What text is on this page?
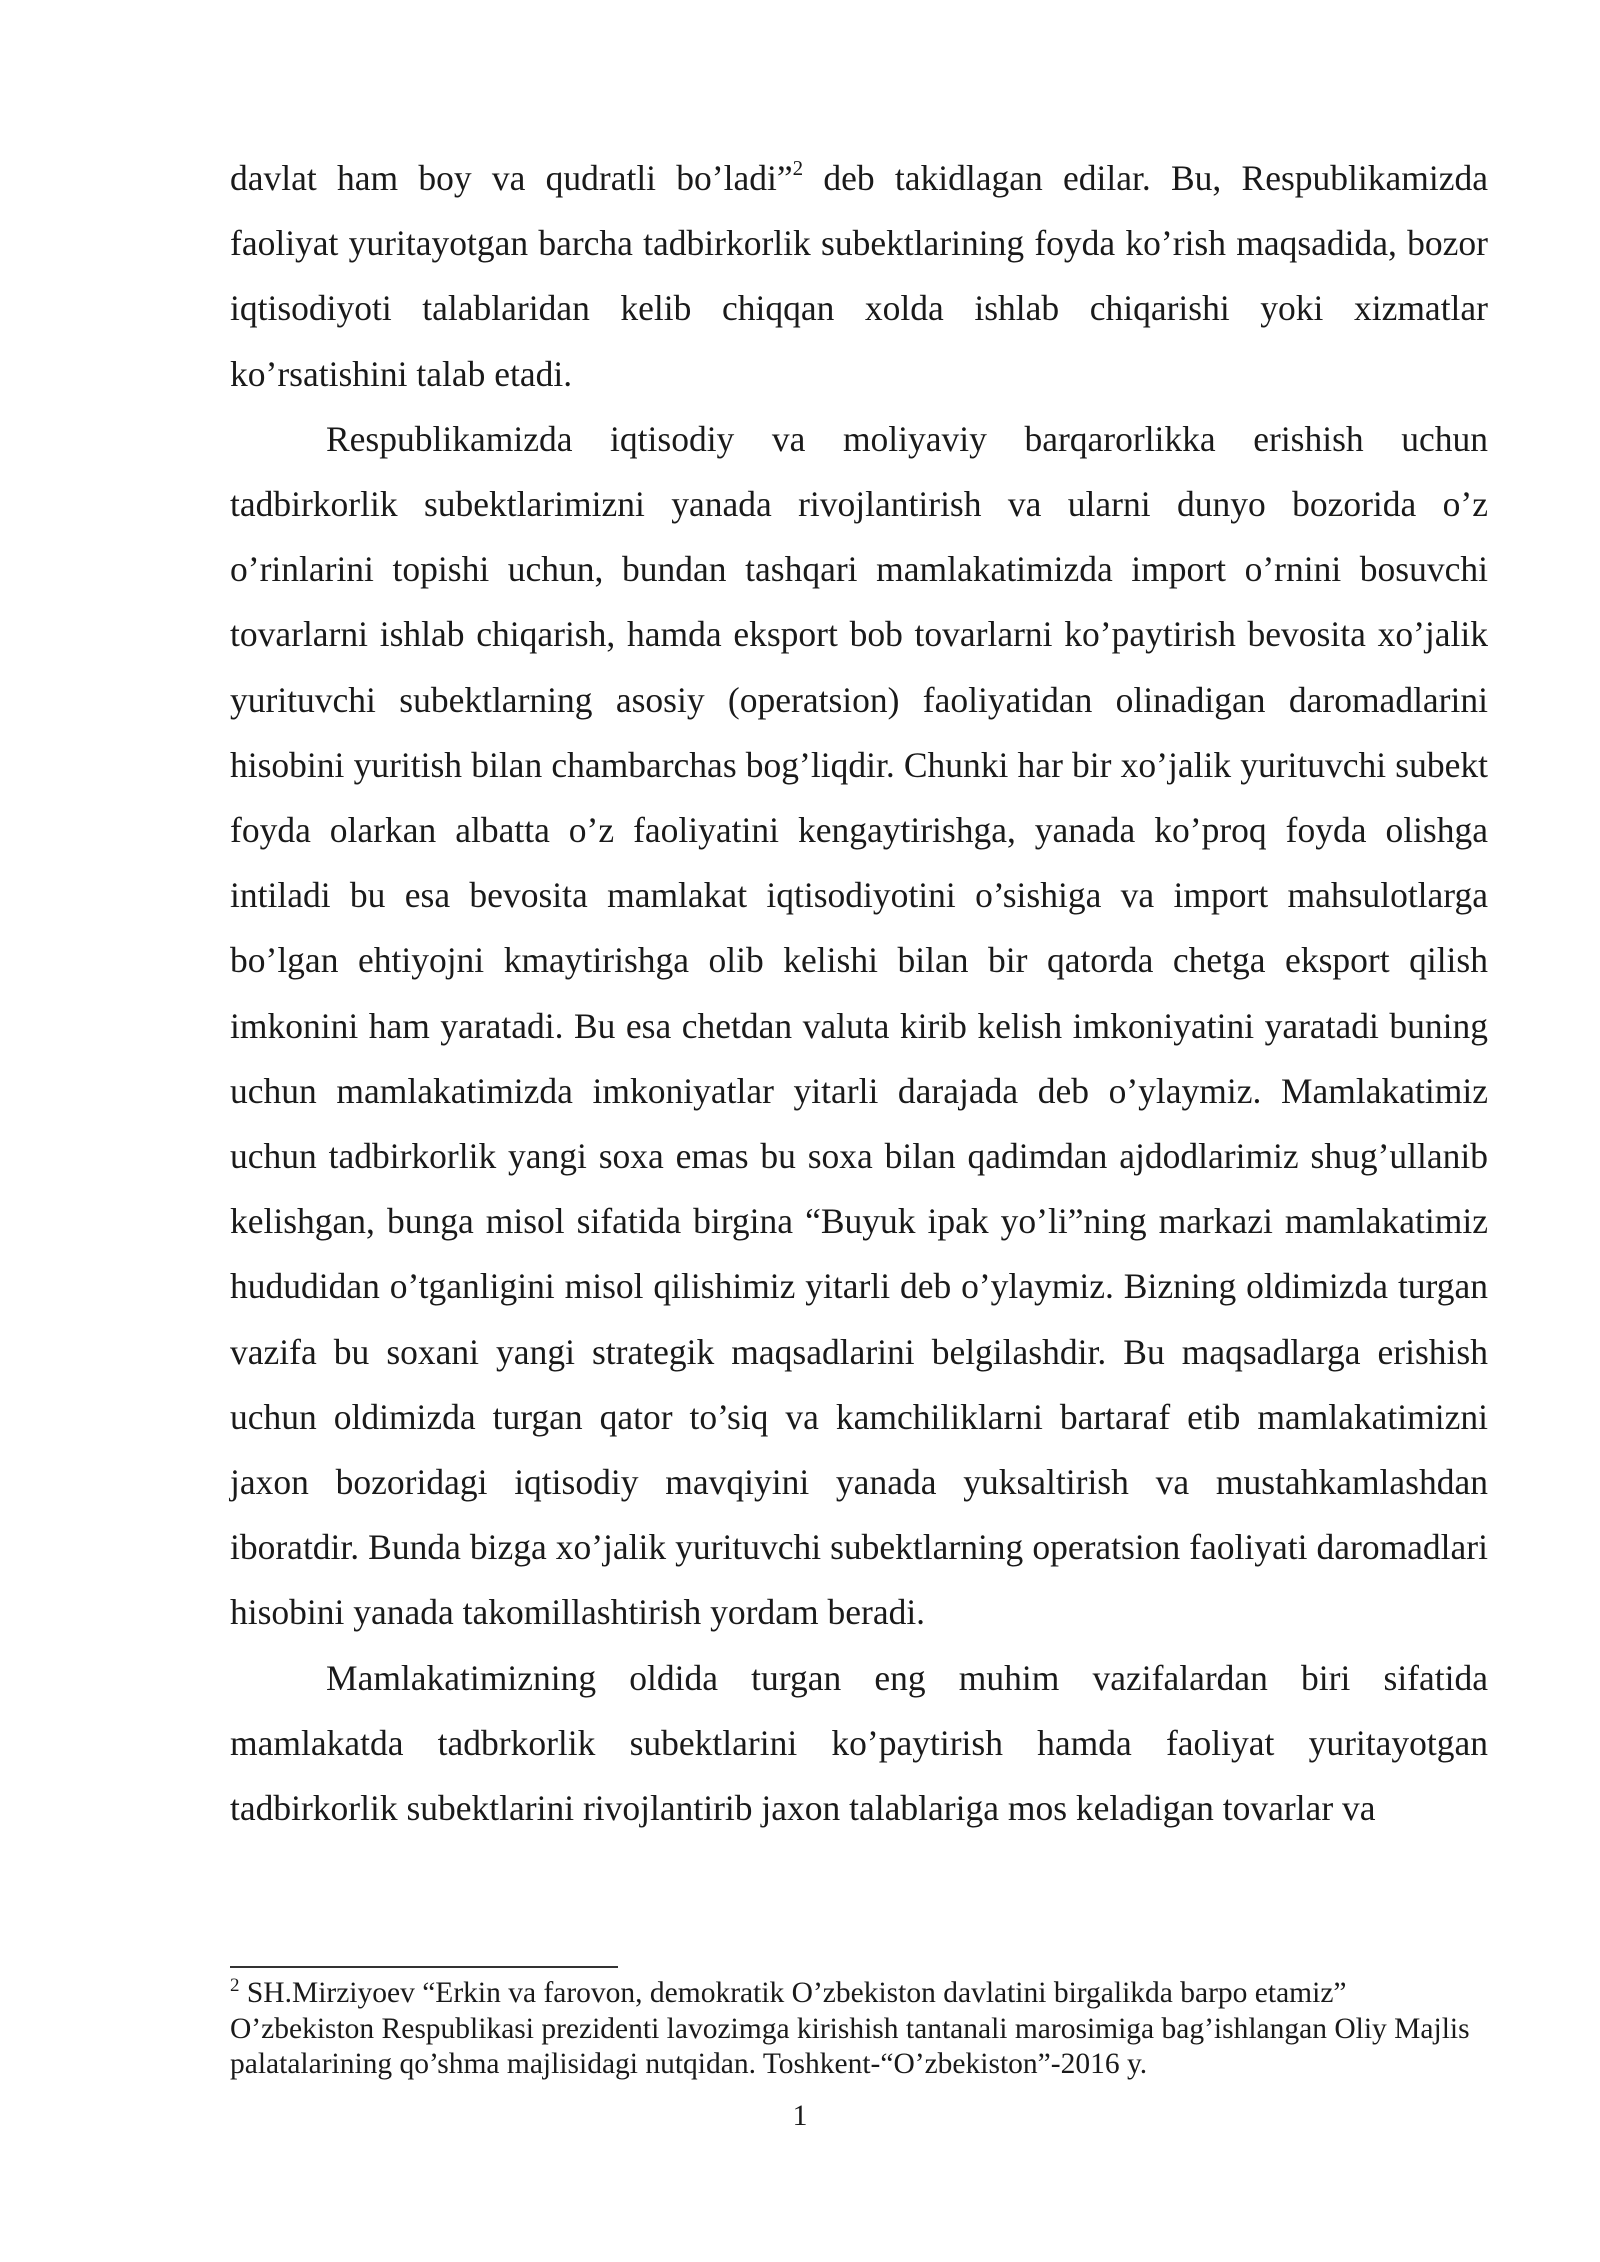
davlat ham boy va qudratli bo’ladi”$^2$ deb takidlagan edilar. Bu, Respublikamizda faoliyat yuritayotgan barcha tadbirkorlik subektlarining foyda ko’rish maqsadida, bozor iqtisodiyoti talablaridan kelib chiqqan xolda ishlab chiqarishi yoki xizmatlar ko’rsatishini talab etadi.

Respublikamizda iqtisodiy va moliyaviy barqarorlikka erishish uchun tadbirkorlik subektlarimizni yanada rivojlantirish va ularni dunyo bozorida o’z o’rinlarini topishi uchun, bundan tashqari mamlakatimizda import o’rnini bosuvchi tovarlarni ishlab chiqarish, hamda eksport bob tovarlarni ko’paytirish bevosita xo’jalik yurituvchi subektlarning asosiy (operatsion) faoliyatidan olinadigan daromadlarini hisobini yuritish bilan chambarchas bog’liqdir. Chunki har bir xo’jalik yurituvchi subekt foyda olarkan albatta o’z faoliyatini kengaytirishga, yanada ko’proq foyda olishga intiladi bu esa bevosita mamlakat iqtisodiyotini o’sishiga va import mahsulotlarga bo’lgan ehtiyojni kmaytirishga olib kelishi bilan bir qatorda chetga eksport qilish imkonini ham yaratadi. Bu esa chetdan valuta kirib kelish imkoniyatini yaratadi buning uchun mamlakatimizda imkoniyatlar yitarli darajada deb o’ylaymiz. Mamlakatimiz uchun tadbirkorlik yangi soxa emas bu soxa bilan qadimdan ajdodlarimiz shug’ullanib kelishgan, bunga misol sifatida birgina “Buyuk ipak yo’li”ning markazi mamlakatimiz hududidan o’tganligini misol qilishimiz yitarli deb o’ylaymiz. Bizning oldimizda turgan vazifa bu soxani yangi strategik maqsadlarini belgilashdir. Bu maqsadlarga erishish uchun oldimizda turgan qator to’siq va kamchiliklarni bartaraf etib mamlakatimizni jaxon bozoridagi iqtisodiy mavqiyini yanada yuksaltirish va mustahkamlashdan iboratdir. Bunda bizga xo’jalik yurituvchi subektlarning operatsion faoliyati daromadlari hisobini yanada takomillashtirish yordam beradi.

Mamlakatimizning oldida turgan eng muhim vazifalardan biri sifatida mamlakatda tadbrkorlik subektlarini ko’paytirish hamda faoliyat yuritayotgan tadbirkorlik subektlarini rivojlantirib jaxon talablariga mos keladigan tovarlar va

$^2$ SH.Mirziyoev “Erkin va farovon, demokratik O’zbekiston davlatini birgalikda barpo etamiz” O’zbekiston Respublikasi prezidenti lavozimga kirishish tantanali marosimiga bag’ishlangan Oliy Majlis palatalarining qo’shma majlisidagi nutqidan. Toshkent-“O’zbekiston”-2016 y.

1
